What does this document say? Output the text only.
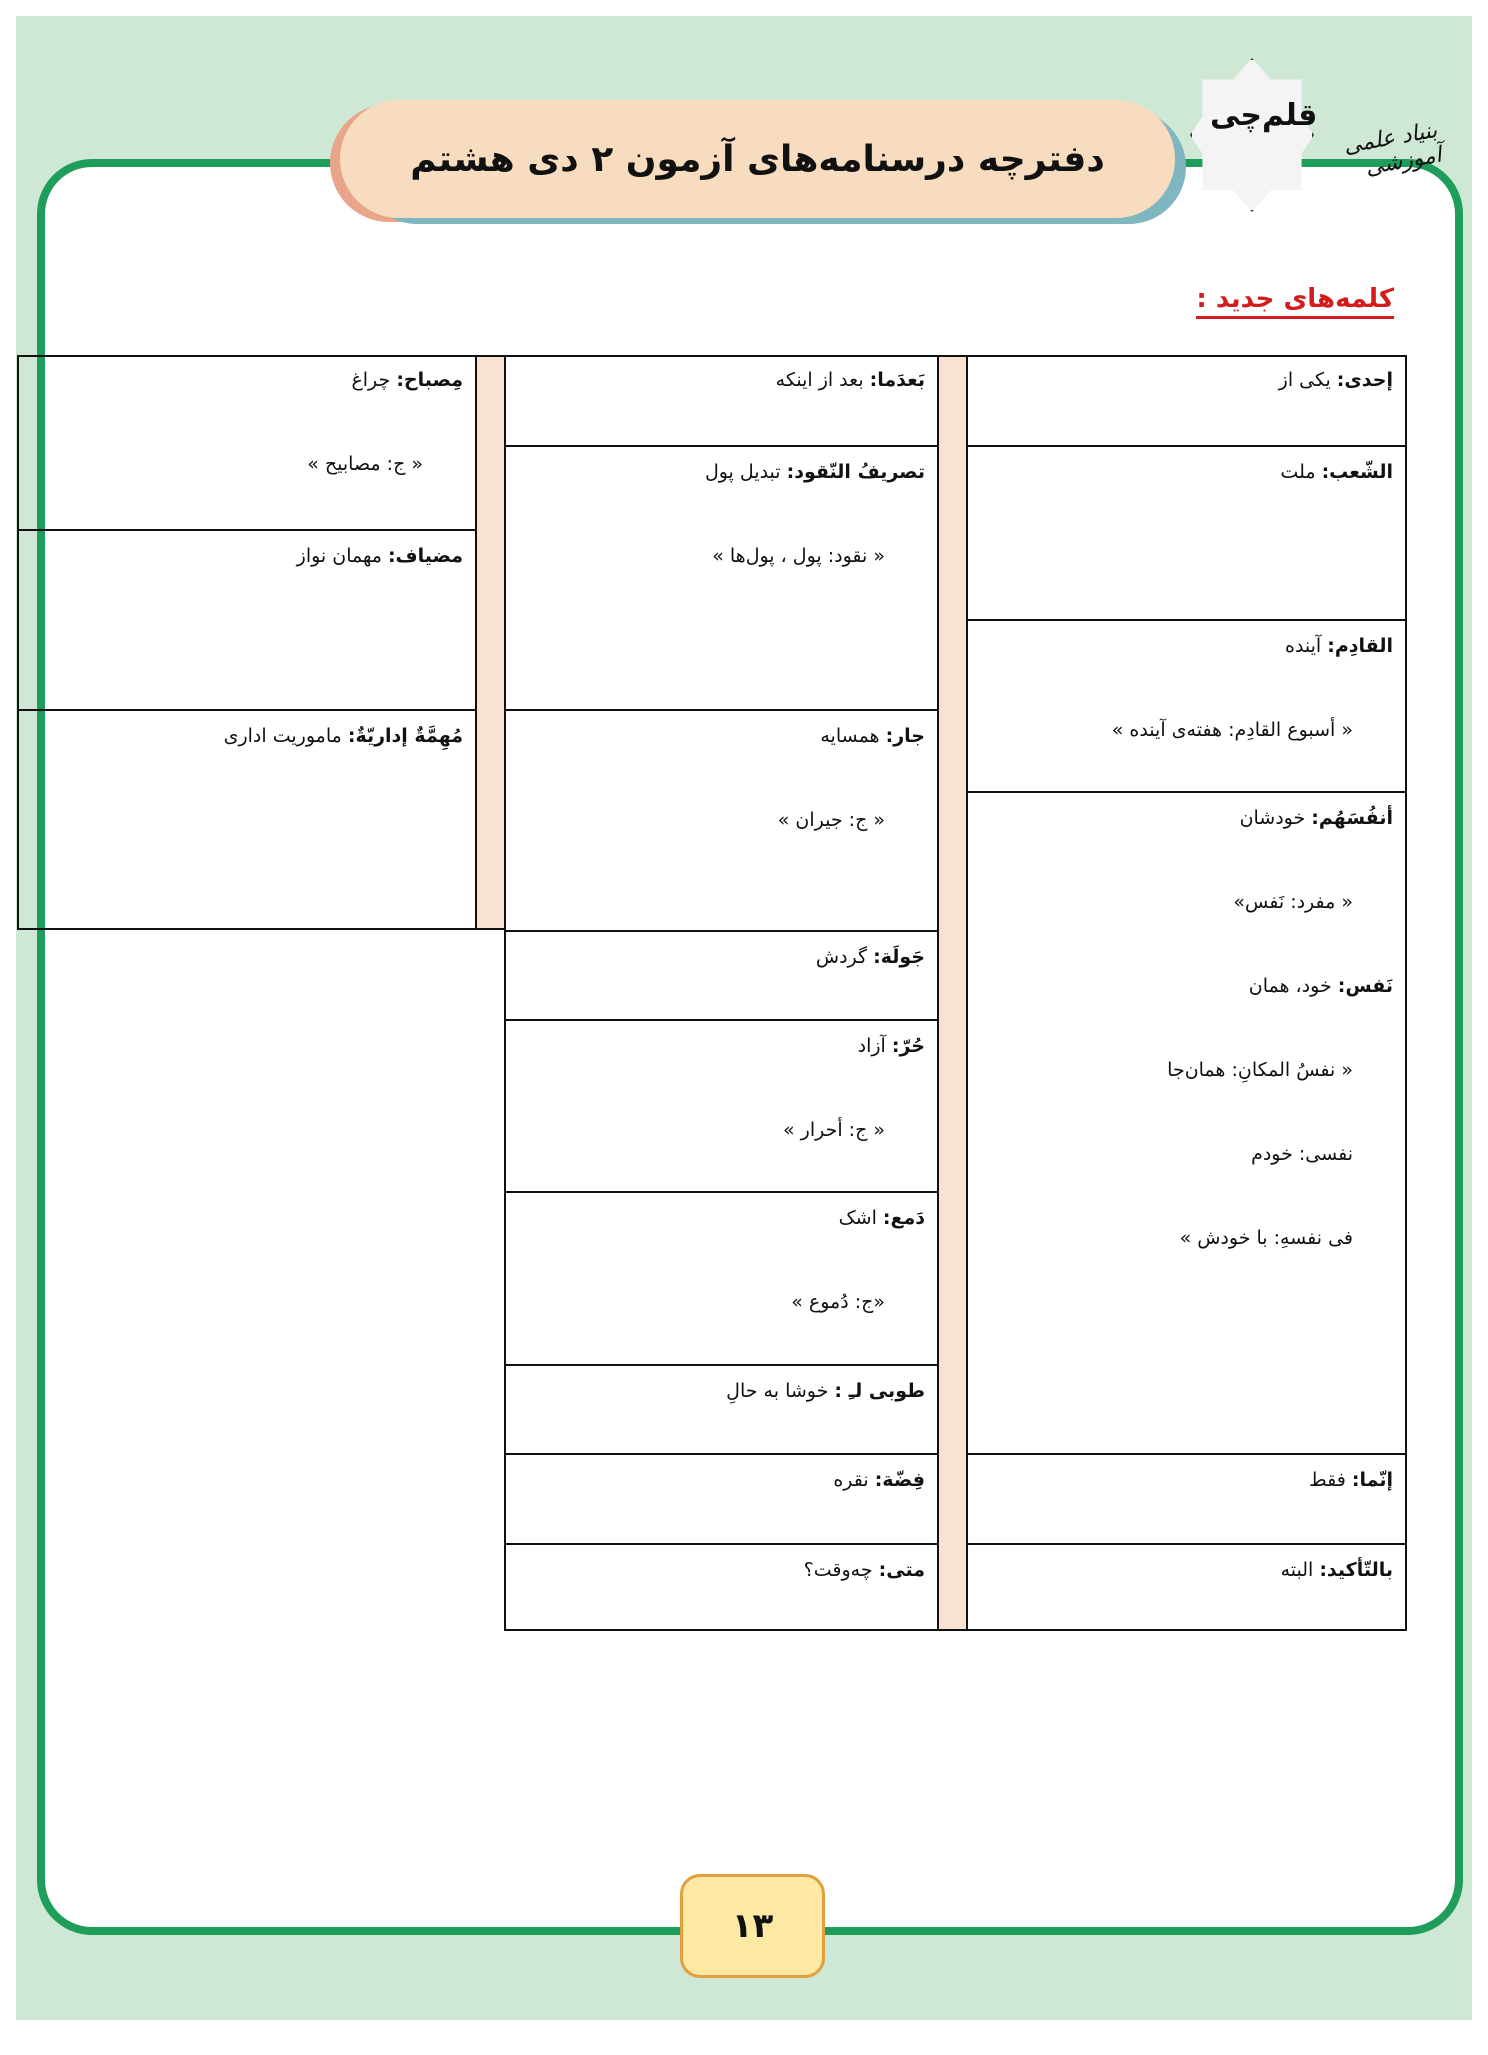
دفترچه درسنامه‌های آزمون ۲ دی هشتم
قلم‌چی
بنیاد علمی آموزشی
کلمه‌های جدید :
إحدی: یکی از
الشّعب: ملت
القادِم: آینده
« أسبوع القادِم: هفته‌ی آینده »
أنفُسَهُم: خودشان
« مفرد: نَفس»
نَفس: خود، همان
« نفسُ المکانِ: همان‌جا
نفسی: خودم
فی نفسهِ: با خودش »
إنّما: فقط
بالتّأکید: البته
بَعدَما: بعد از اینکه
تصریفُ النّقود: تبدیل پول
« نقود: پول ، پول‌ها »
جار: همسایه
« ج: جیران »
جَولَة: گردش
حُرّ: آزاد
« ج: أحرار »
دَمع: اشک
«ج: دُموع »
طوبی لـِ : خوشا به حالِ
فِضّة: نقره
متی: چه‌وقت؟
مِصباح: چراغ
« ج: مصابیح »
مضیاف: مهمان نواز
مُهِمَّةٌ إداریّةٌ: ماموریت اداری
۱۳
